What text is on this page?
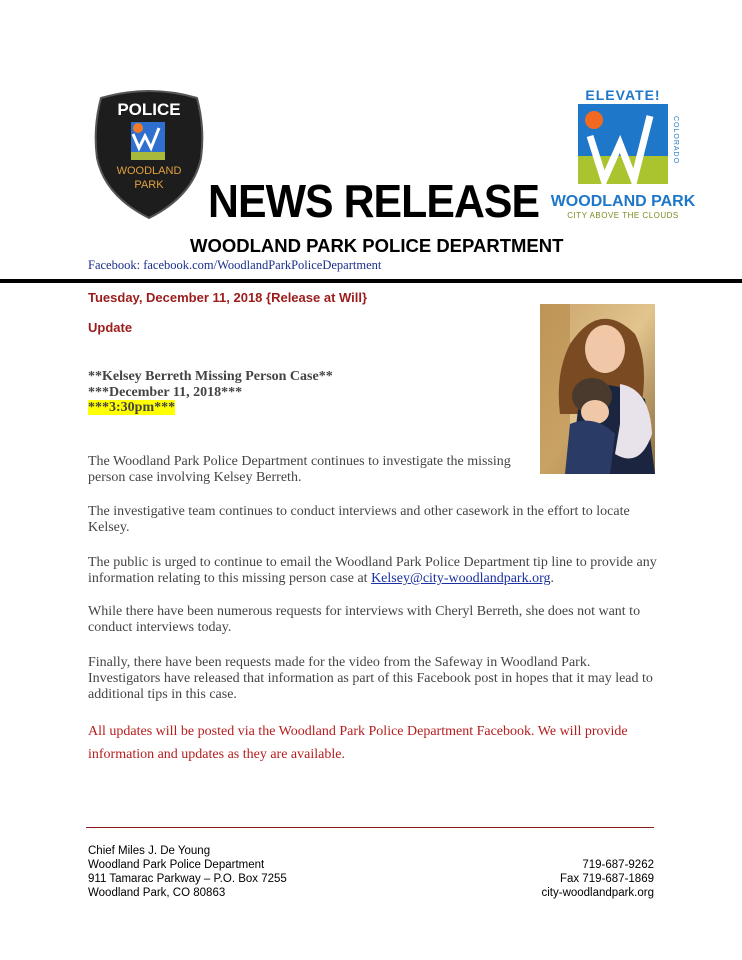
POLICE
WOODLAND
PARK
ELEVATE!
COLORADO
WOODLAND PARK
CITY ABOVE THE CLOUDS
NEWS RELEASE
WOODLAND PARK POLICE DEPARTMENT
Facebook: facebook.com/WoodlandParkPoliceDepartment
Tuesday, December 11, 2018 {Release at Will}
Update
**Kelsey Berreth Missing Person Case**
***December 11, 2018***
***3:30pm***
The Woodland Park Police Department continues to investigate the missing person case involving Kelsey Berreth.
The investigative team continues to conduct interviews and other casework in the effort to locate Kelsey.
The public is urged to continue to email the Woodland Park Police Department tip line to provide any information relating to this missing person case at Kelsey@city-woodlandpark.org.
While there have been numerous requests for interviews with Cheryl Berreth, she does not want to conduct interviews today.
Finally, there have been requests made for the video from the Safeway in Woodland Park. Investigators have released that information as part of this Facebook post in hopes that it may lead to additional tips in this case.
All updates will be posted via the Woodland Park Police Department Facebook. We will provide information and updates as they are available.
Chief Miles J. De Young
Woodland Park Police Department
911 Tamarac Parkway – P.O. Box 7255
Woodland Park, CO 80863
719-687-9262
Fax 719-687-1869
city-woodlandpark.org
